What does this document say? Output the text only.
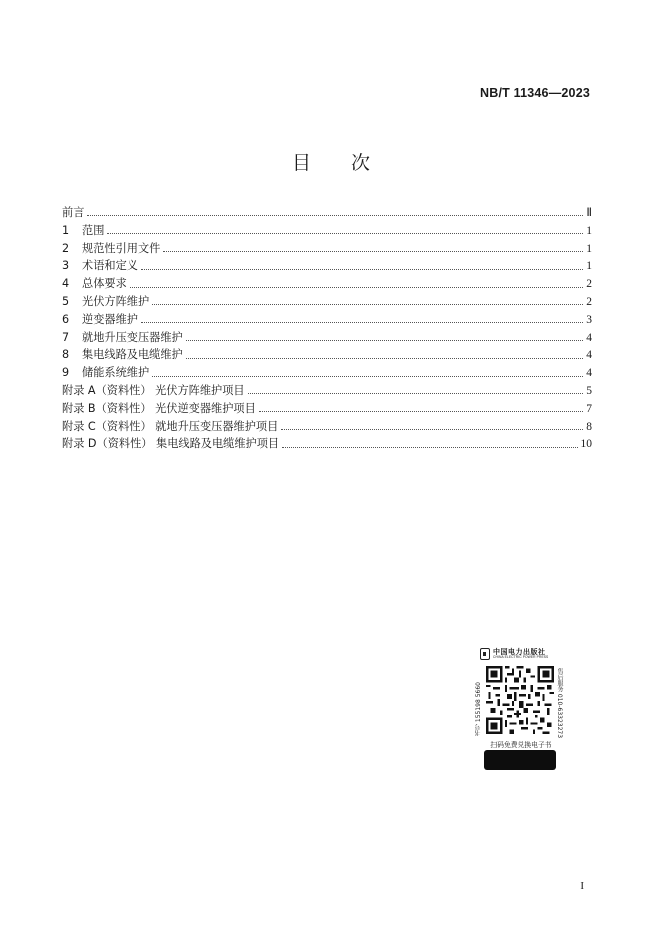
NB/T 11346—2023
目 次
前言	Ⅱ
1	范围	1
2	规范性引用文件	1
3	术语和定义	1
4	总体要求	2
5	光伏方阵维护	2
6	逆变器维护	3
7	就地升压变压器维护	4
8	集电线路及电缆维护	4
9	储能系统维护	4
附录 A（资料性） 光伏方阵维护项目	5
附录 B（资料性） 光伏逆变器维护项目	7
附录 C（资料性） 就地升压变压器维护项目	8
附录 D（资料性） 集电线路及电缆维护项目	10
中国电力出版社
CHINA ELECTRIC POWER PRESS
书号 155198 5660	售后服务 010-63323273
扫码免费兑换电子书
I
